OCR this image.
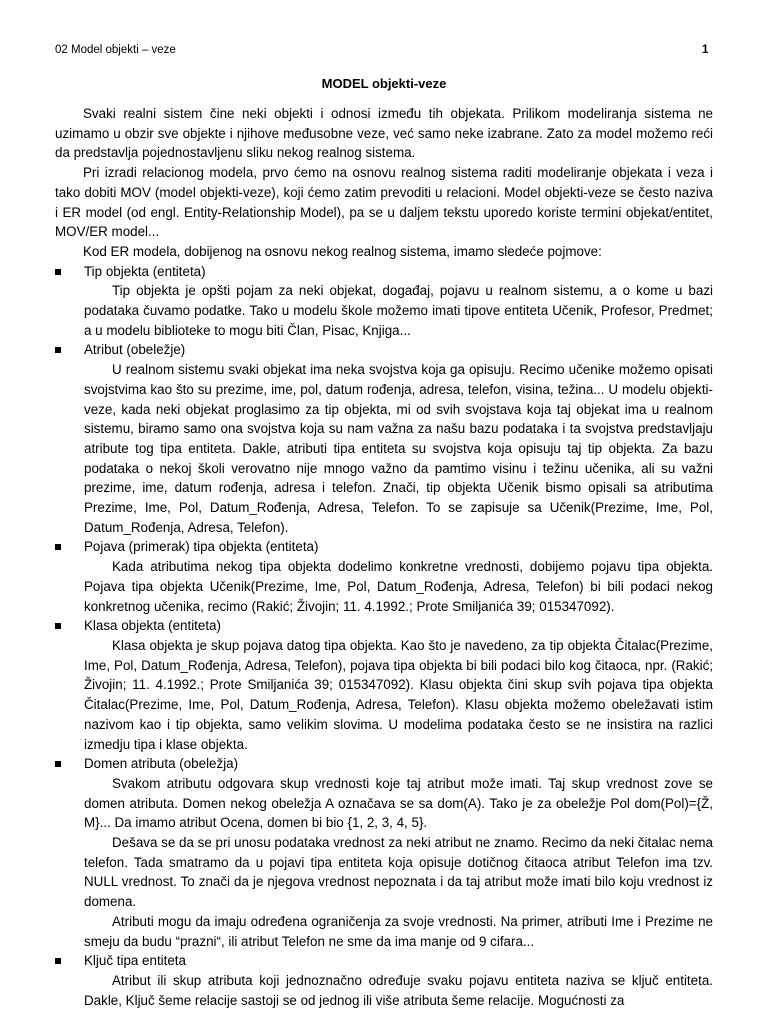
02 Model objekti – veze	1
MODEL objekti-veze

Svaki realni sistem čine neki objekti i odnosi između tih objekata. Prilikom modeliranja sistema ne uzimamo u obzir sve objekte i njihove međusobne veze, već samo neke izabrane. Zato za model možemo reći da predstavlja pojednostavljenu sliku nekog realnog sistema.

Pri izradi relacionog modela, prvo ćemo na osnovu realnog sistema raditi modeliranje objekata i veza i tako dobiti MOV (model objekti-veze), koji ćemo zatim prevoditi u relacioni. Model objekti-veze se često naziva i ER model (od engl. Entity-Relationship Model), pa se u daljem tekstu uporedo koriste termini objekat/entitet, MOV/ER model...

Kod ER modela, dobijenog na osnovu nekog realnog sistema, imamo sledeće pojmove:

Tip objekta (entiteta)

Tip objekta je opšti pojam za neki objekat, događaj, pojavu u realnom sistemu, a o kome u bazi podataka čuvamo podatke. Tako u modelu škole možemo imati tipove entiteta Učenik, Profesor, Predmet; a u modelu biblioteke to mogu biti Član, Pisac, Knjiga...

Atribut (obeležje)

U realnom sistemu svaki objekat ima neka svojstva koja ga opisuju. Recimo učenike možemo opisati svojstvima kao što su prezime, ime, pol, datum rođenja, adresa, telefon, visina, težina... U modelu objekti-veze, kada neki objekat proglasimo za tip objekta, mi od svih svojstava koja taj objekat ima u realnom sistemu, biramo samo ona svojstva koja su nam važna za našu bazu podataka i ta svojstva predstavljaju atribute tog tipa entiteta. Dakle, atributi tipa entiteta su svojstva koja opisuju taj tip objekta. Za bazu podataka o nekoj školi verovatno nije mnogo važno da pamtimo visinu i težinu učenika, ali su važni prezime, ime, datum rođenja, adresa i telefon. Znači, tip objekta Učenik bismo opisali sa atributima Prezime, Ime, Pol, Datum_Rođenja, Adresa, Telefon. To se zapisuje sa Učenik(Prezime, Ime, Pol, Datum_Rođenja, Adresa, Telefon).

Pojava (primerak) tipa objekta (entiteta)

Kada atributima nekog tipa objekta dodelimo konkretne vrednosti, dobijemo pojavu tipa objekta. Pojava tipa objekta Učenik(Prezime, Ime, Pol, Datum_Rođenja, Adresa, Telefon) bi bili podaci nekog konkretnog učenika, recimo (Rakić; Živojin; 11. 4.1992.; Prote Smiljanića 39; 015347092).

Klasa objekta (entiteta)

Klasa objekta je skup pojava datog tipa objekta. Kao što je navedeno, za tip objekta Čitalac(Prezime, Ime, Pol, Datum_Rođenja, Adresa, Telefon), pojava tipa objekta bi bili podaci bilo kog čitaoca, npr. (Rakić; Živojin; 11. 4.1992.; Prote Smiljanića 39; 015347092). Klasu objekta čini skup svih pojava tipa objekta Čitalac(Prezime, Ime, Pol, Datum_Rođenja, Adresa, Telefon). Klasu objekta možemo obeležavati istim nazivom kao i tip objekta, samo velikim slovima. U modelima podataka često se ne insistira na razlici izmedju tipa i klase objekta.

Domen atributa (obeležja)

Svakom atributu odgovara skup vrednosti koje taj atribut može imati. Taj skup vrednost zove se domen atributa. Domen nekog obeležja A označava se sa dom(A). Tako je za obeležje Pol dom(Pol)={Ž, M}... Da imamo atribut Ocena, domen bi bio {1, 2, 3, 4, 5}.

Dešava se da se pri unosu podataka vrednost za neki atribut ne znamo. Recimo da neki čitalac nema telefon. Tada smatramo da u pojavi tipa entiteta koja opisuje dotičnog čitaoca atribut Telefon ima tzv. NULL vrednost. To znači da je njegova vrednost nepoznata i da taj atribut može imati bilo koju vrednost iz domena.

Atributi mogu da imaju određena ograničenja za svoje vrednosti. Na primer, atributi Ime i Prezime ne smeju da budu “prazni“, ili atribut Telefon ne sme da ima manje od 9 cifara...

Ključ tipa entiteta

Atribut ili skup atributa koji jednoznačno određuje svaku pojavu entiteta naziva se ključ entiteta. Dakle, Ključ šeme relacije sastoji se od jednog ili više atributa šeme relacije. Mogućnosti za
